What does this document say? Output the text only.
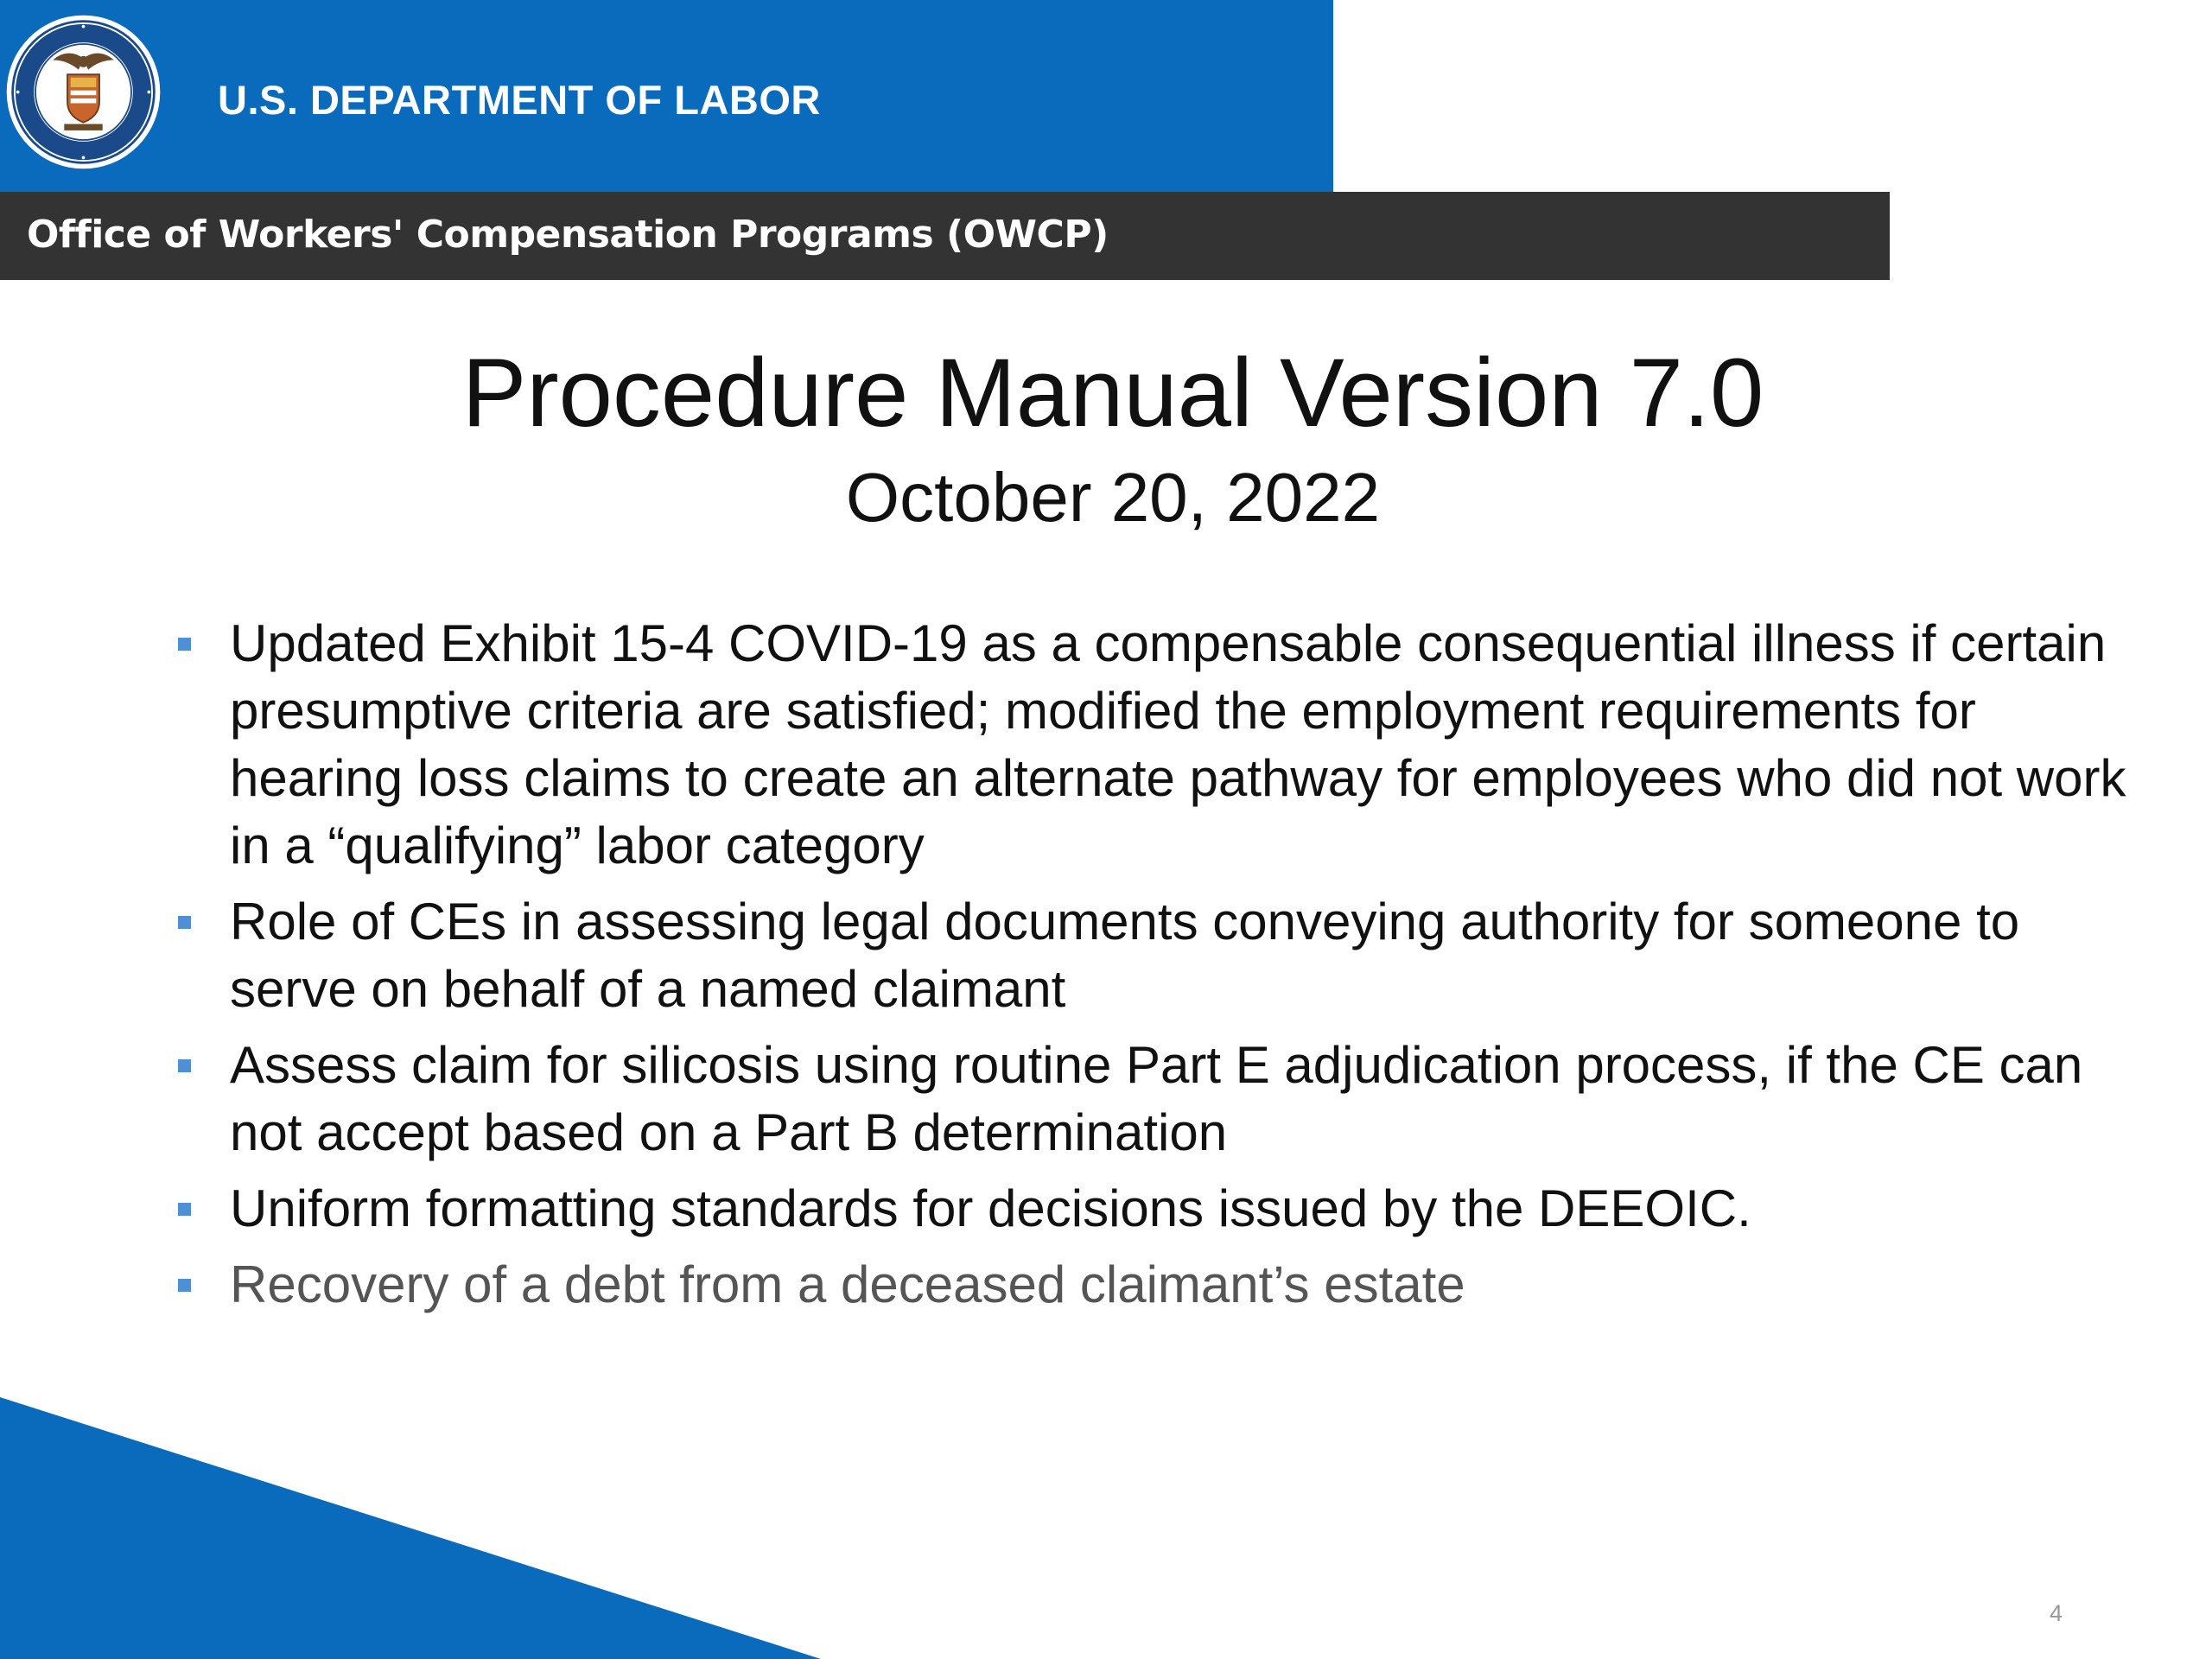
U.S. DEPARTMENT OF LABOR
Office of Workers' Compensation Programs (OWCP)
Procedure Manual Version 7.0
October 20, 2022
Updated Exhibit 15-4 COVID-19 as a compensable consequential illness if certain presumptive criteria are satisfied; modified the employment requirements for hearing loss claims to create an alternate pathway for employees who did not work in a “qualifying” labor category
Role of CEs in assessing legal documents conveying authority for someone to serve on behalf of a named claimant
Assess claim for silicosis using routine Part E adjudication process, if the CE can not accept based on a Part B determination
Uniform formatting standards for decisions issued by the DEEOIC.
Recovery of a debt from a deceased claimant’s estate
4
